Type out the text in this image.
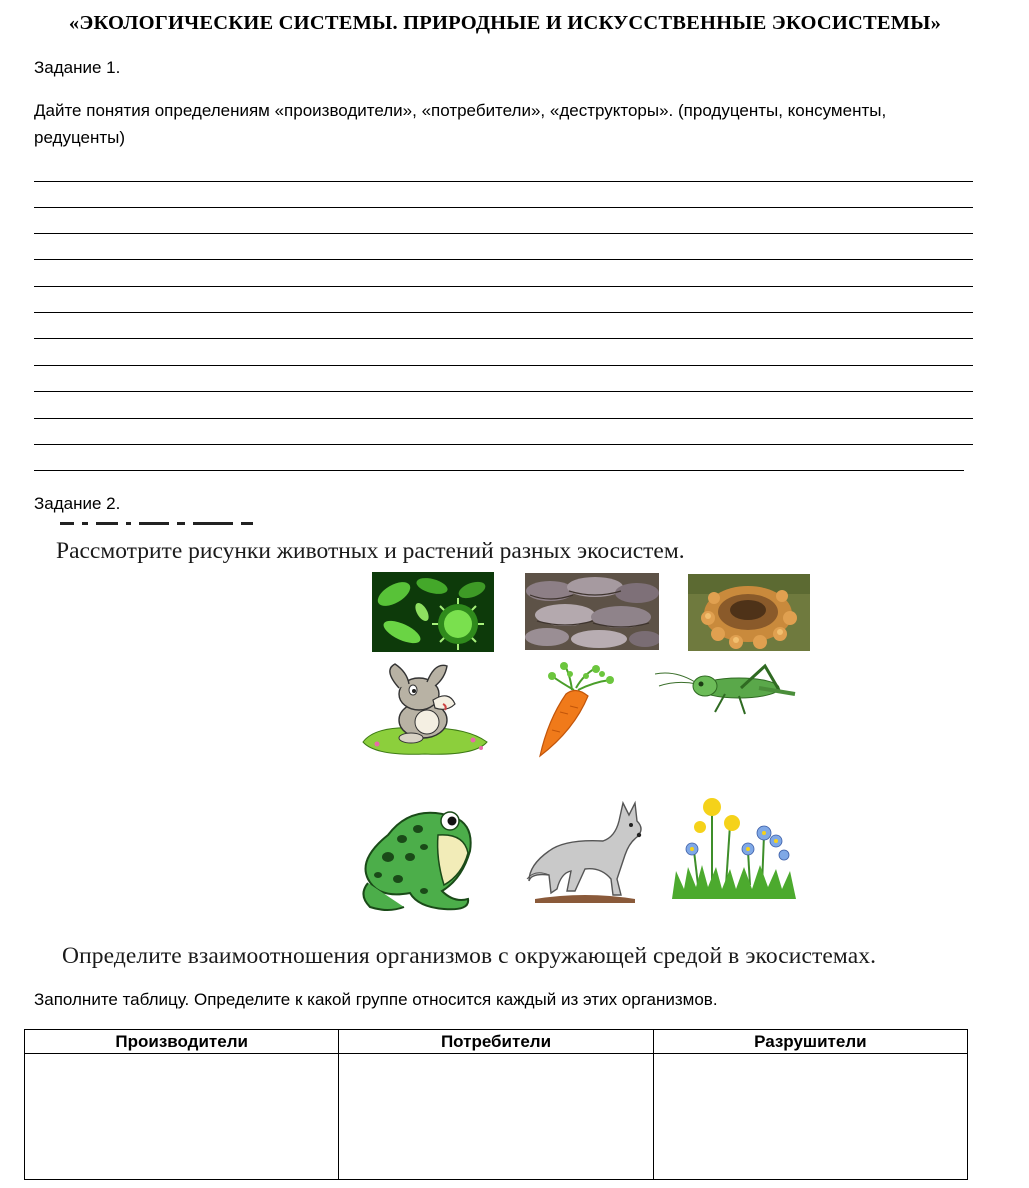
«ЭКОЛОГИЧЕСКИЕ СИСТЕМЫ. ПРИРОДНЫЕ И ИСКУССТВЕННЫЕ ЭКОСИСТЕМЫ»
Задание 1.
Дайте понятия определениям «производители», «потребители», «деструкторы». (продуценты, консументы, редуценты)
Задание 2.
Рассмотрите рисунки животных и растений разных экосистем.
Определите взаимоотношения организмов с окружающей средой в экосистемах.
Заполните таблицу. Определите к какой группе относится каждый из этих организмов.
Производители	Потребители	Разрушители
